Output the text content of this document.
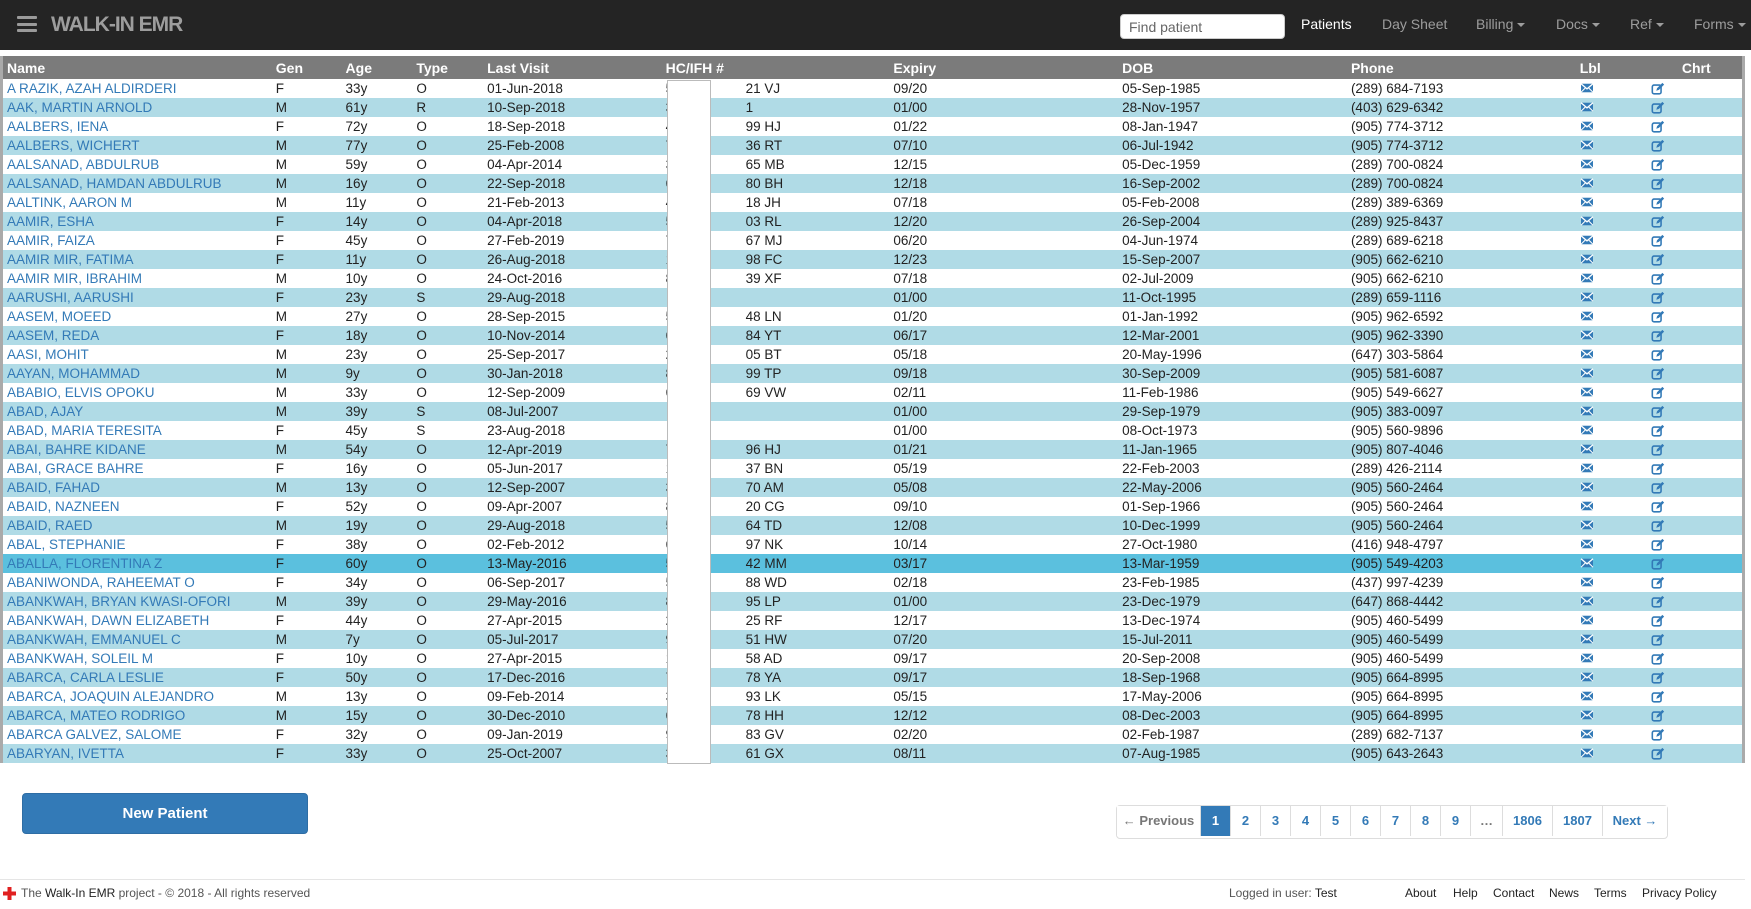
WALK-IN EMR
Find patient	Patients Day Sheet Billing	Docs	Ref	Forms
Name	Gen	Age	Type	Last Visit	HC/IFH #	Expiry	DOB	Phone	Lbl	Chrt
A RAZIK, AZAH ALDIRDERI	F	33y	O	01-Jun-2018	21 VJ	09/20	05-Sep-1985	(289) 684-7193		
AAK, MARTIN ARNOLD	M	61y	R	10-Sep-2018	1	01/00	28-Nov-1957	(403) 629-6342		
AALBERS, IENA	F	72y	O	18-Sep-2018	99 HJ	01/22	08-Jan-1947	(905) 774-3712		
AALBERS, WICHERT	M	77y	O	25-Feb-2008	36 RT	07/10	06-Jul-1942	(905) 774-3712		
AALSANAD, ABDULRUB	M	59y	O	04-Apr-2014	65 MB	12/15	05-Dec-1959	(289) 700-0824		
AALSANAD, HAMDAN ABDULRUB	M	16y	O	22-Sep-2018	80 BH	12/18	16-Sep-2002	(289) 700-0824		
AALTINK, AARON M	M	11y	O	21-Feb-2013	18 JH	07/18	05-Feb-2008	(289) 389-6369		
AAMIR, ESHA	F	14y	O	04-Apr-2018	03 RL	12/20	26-Sep-2004	(289) 925-8437		
AAMIR, FAIZA	F	45y	O	27-Feb-2019	67 MJ	06/20	04-Jun-1974	(289) 689-6218		
AAMIR MIR, FATIMA	F	11y	O	26-Aug-2018	98 FC	12/23	15-Sep-2007	(905) 662-6210		
AAMIR MIR, IBRAHIM	M	10y	O	24-Oct-2016	39 XF	07/18	02-Jul-2009	(905) 662-6210		
AARUSHI, AARUSHI	F	23y	S	29-Aug-2018		01/00	11-Oct-1995	(289) 659-1116		
AASEM, MOEED	M	27y	O	28-Sep-2015	48 LN	01/20	01-Jan-1992	(905) 962-6592		
AASEM, REDA	F	18y	O	10-Nov-2014	84 YT	06/17	12-Mar-2001	(905) 962-3390		
AASI, MOHIT	M	23y	O	25-Sep-2017	05 BT	05/18	20-May-1996	(647) 303-5864		
AAYAN, MOHAMMAD	M	9y	O	30-Jan-2018	99 TP	09/18	30-Sep-2009	(905) 581-6087		
ABABIO, ELVIS OPOKU	M	33y	O	12-Sep-2009	69 VW	02/11	11-Feb-1986	(905) 549-6627		
ABAD, AJAY	M	39y	S	08-Jul-2007		01/00	29-Sep-1979	(905) 383-0097		
ABAD, MARIA TERESITA	F	45y	S	23-Aug-2018		01/00	08-Oct-1973	(905) 560-9896		
ABAI, BAHRE KIDANE	M	54y	O	12-Apr-2019	96 HJ	01/21	11-Jan-1965	(905) 807-4046		
ABAI, GRACE BAHRE	F	16y	O	05-Jun-2017	37 BN	05/19	22-Feb-2003	(289) 426-2114		
ABAID, FAHAD	M	13y	O	12-Sep-2007	70 AM	05/08	22-May-2006	(905) 560-2464		
ABAID, NAZNEEN	F	52y	O	09-Apr-2007	20 CG	09/10	01-Sep-1966	(905) 560-2464		
ABAID, RAED	M	19y	O	29-Aug-2018	64 TD	12/08	10-Dec-1999	(905) 560-2464		
ABAL, STEPHANIE	F	38y	O	02-Feb-2012	97 NK	10/14	27-Oct-1980	(416) 948-4797		
ABALLA, FLORENTINA Z	F	60y	O	13-May-2016	42 MM	03/17	13-Mar-1959	(905) 549-4203		
ABANIWONDA, RAHEEMAT O	F	34y	O	06-Sep-2017	88 WD	02/18	23-Feb-1985	(437) 997-4239		
ABANKWAH, BRYAN KWASI-OFORI	M	39y	O	29-May-2016	95 LP	01/00	23-Dec-1979	(647) 868-4442		
ABANKWAH, DAWN ELIZABETH	F	44y	O	27-Apr-2015	25 RF	12/17	13-Dec-1974	(905) 460-5499		
ABANKWAH, EMMANUEL C	M	7y	O	05-Jul-2017	51 HW	07/20	15-Jul-2011	(905) 460-5499		
ABANKWAH, SOLEIL M	F	10y	O	27-Apr-2015	58 AD	09/17	20-Sep-2008	(905) 460-5499		
ABARCA, CARLA LESLIE	F	50y	O	17-Dec-2016	78 YA	09/17	18-Sep-1968	(905) 664-8995		
ABARCA, JOAQUIN ALEJANDRO	M	13y	O	09-Feb-2014	93 LK	05/15	17-May-2006	(905) 664-8995		
ABARCA, MATEO RODRIGO	M	15y	O	30-Dec-2010	78 HH	12/12	08-Dec-2003	(905) 664-8995		
ABARCA GALVEZ, SALOME	F	32y	O	09-Jan-2019	83 GV	02/20	02-Feb-1987	(289) 682-7137		
ABARYAN, IVETTA	F	33y	O	25-Oct-2007	61 GX	08/11	07-Aug-1985	(905) 643-2643		
New Patient	← Previous	1	2	3	4	5	6	7	8	9	…	1806	1807	Next →
The Walk-In EMR project - © 2018 - All rights reserved	Logged in user: Test	About Help Contact News Terms Privacy Policy
